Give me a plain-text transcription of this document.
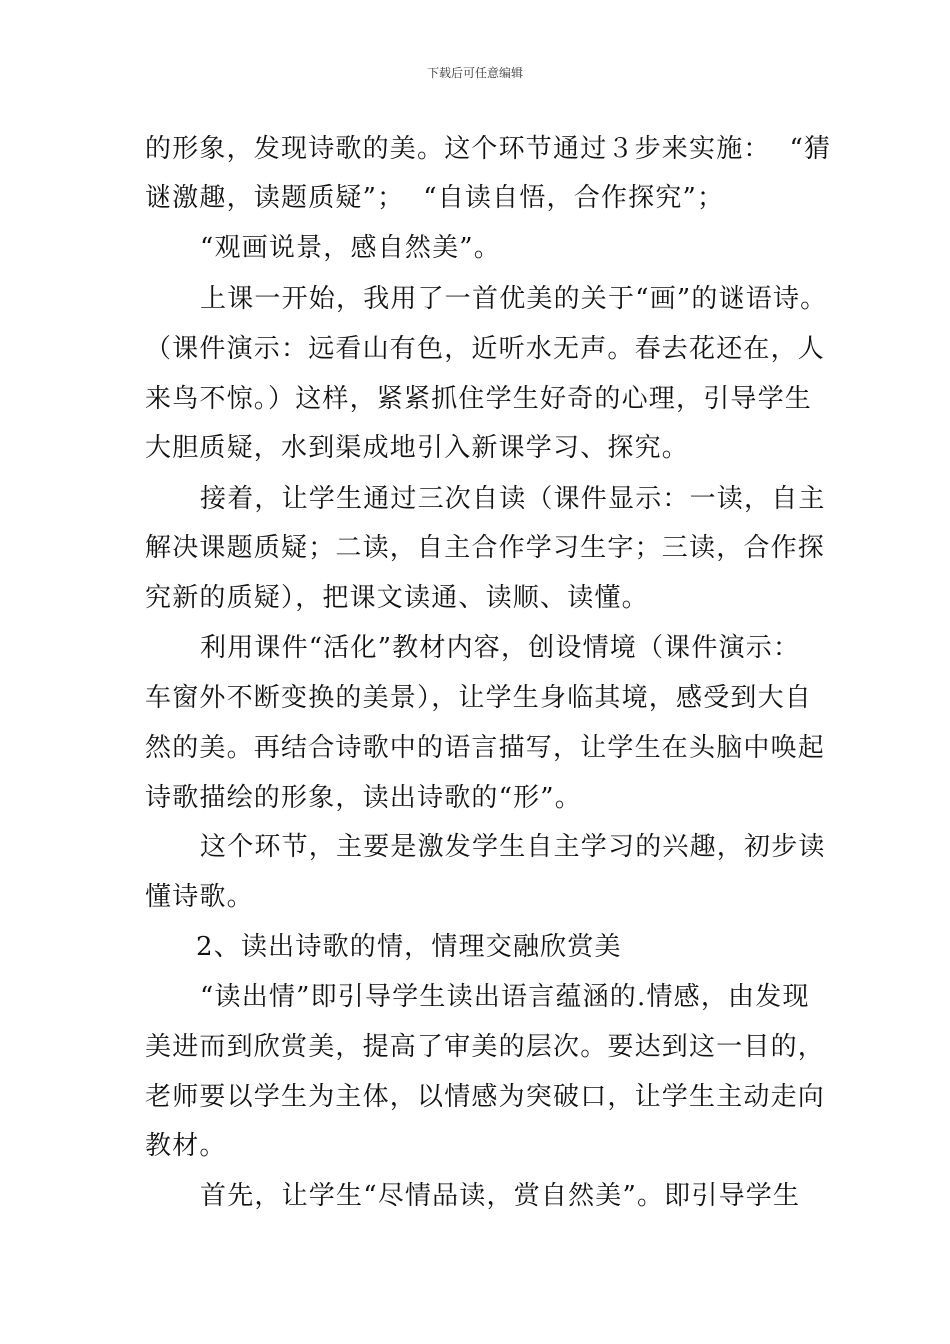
下载后可任意编辑
的形象，发现诗歌的美。这个环节通过３步来实施：  “猜
谜激趣，读题质疑”；  “自读自悟，合作探究”；
“观画说景，感自然美”。
上课一开始，我用了一首优美的关于“画”的谜语诗。
（课件演示：远看山有色，近听水无声。春去花还在，人
来鸟不惊。）这样，紧紧抓住学生好奇的心理，引导学生
大胆质疑，水到渠成地引入新课学习、探究。
接着，让学生通过三次自读（课件显示：一读，自主
解决课题质疑；二读，自主合作学习生字；三读，合作探
究新的质疑），把课文读通、读顺、读懂。
利用课件“活化”教材内容，创设情境（课件演示：
车窗外不断变换的美景），让学生身临其境，感受到大自
然的美。再结合诗歌中的语言描写，让学生在头脑中唤起
诗歌描绘的形象，读出诗歌的“形”。
这个环节，主要是激发学生自主学习的兴趣，初步读
懂诗歌。
2、读出诗歌的情，情理交融欣赏美
“读出情”即引导学生读出语言蕴涵的.情感，由发现
美进而到欣赏美，提高了审美的层次。要达到这一目的，
老师要以学生为主体，以情感为突破口，让学生主动走向
教材。
首先，让学生“尽情品读，赏自然美”。即引导学生
